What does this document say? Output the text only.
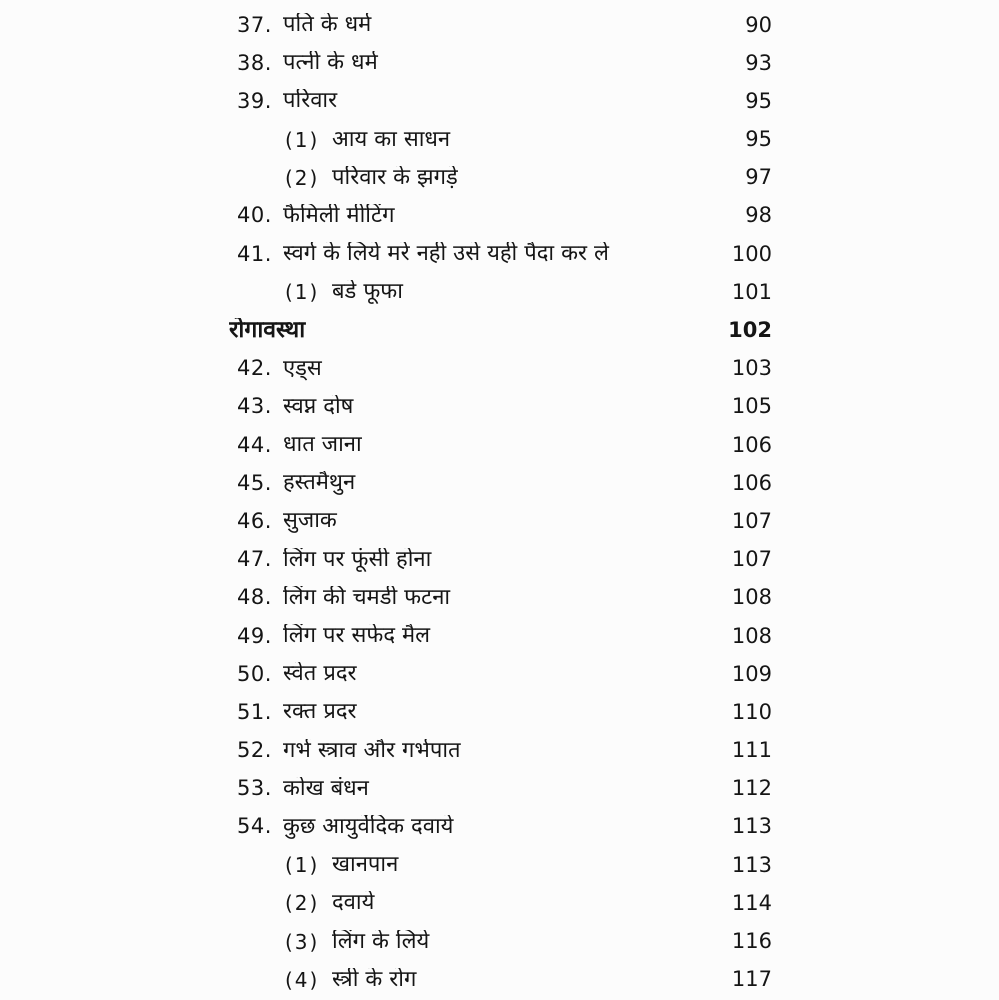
37. पति के धर्म	90
38. पत्नी के धर्म	93
39. परिवार	95
(1) आय का साधन	95
(2) परिवार के झगड़े	97
40. फैमिली मीटिंग	98
41. स्वर्ग के लिये मरे नही उसे यही पैदा कर ले	100
(1) बडे फूफा	101
रोगावस्था	102
42. एड्स	103
43. स्वप्न दोष	105
44. धात जाना	106
45. हस्तमैथुन	106
46. सुजाक	107
47. लिंग पर फूंसी होना	107
48. लिंग की चमडी फटना	108
49. लिंग पर सफेद मैल	108
50. स्वेत प्रदर	109
51. रक्त प्रदर	110
52. गर्भ स्त्राव और गर्भपात	111
53. कोख बंधन	112
54. कुछ आयुर्वेदिक दवाये	113
(1) खानपान	113
(2) दवाये	114
(3) लिंग के लिये	116
(4) स्त्री के रोग	117
